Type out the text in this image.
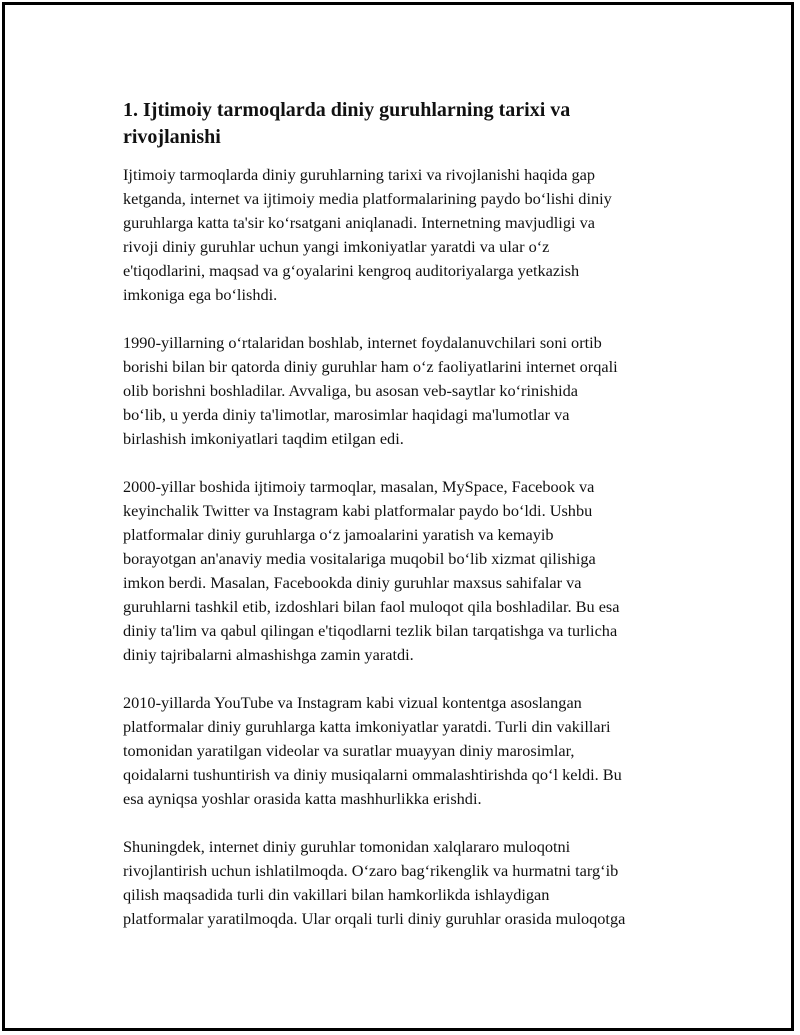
1. Ijtimoiy tarmoqlarda diniy guruhlarning tarixi va
rivojlanishi

Ijtimoiy tarmoqlarda diniy guruhlarning tarixi va rivojlanishi haqida gap
ketganda, internet va ijtimoiy media platformalarining paydo bo‘lishi diniy
guruhlarga katta ta'sir ko‘rsatgani aniqlanadi. Internetning mavjudligi va
rivoji diniy guruhlar uchun yangi imkoniyatlar yaratdi va ular o‘z
e'tiqodlarini, maqsad va g‘oyalarini kengroq auditoriyalarga yetkazish
imkoniga ega bo‘lishdi.

1990-yillarning o‘rtalaridan boshlab, internet foydalanuvchilari soni ortib
borishi bilan bir qatorda diniy guruhlar ham o‘z faoliyatlarini internet orqali
olib borishni boshladilar. Avvaliga, bu asosan veb-saytlar ko‘rinishida
bo‘lib, u yerda diniy ta'limotlar, marosimlar haqidagi ma'lumotlar va
birlashish imkoniyatlari taqdim etilgan edi.

2000-yillar boshida ijtimoiy tarmoqlar, masalan, MySpace, Facebook va
keyinchalik Twitter va Instagram kabi platformalar paydo bo‘ldi. Ushbu
platformalar diniy guruhlarga o‘z jamoalarini yaratish va kemayib
borayotgan an'anaviy media vositalariga muqobil bo‘lib xizmat qilishiga
imkon berdi. Masalan, Facebookda diniy guruhlar maxsus sahifalar va
guruhlarni tashkil etib, izdoshlari bilan faol muloqot qila boshladilar. Bu esa
diniy ta'lim va qabul qilingan e'tiqodlarni tezlik bilan tarqatishga va turlicha
diniy tajribalarni almashishga zamin yaratdi.

2010-yillarda YouTube va Instagram kabi vizual kontentga asoslangan
platformalar diniy guruhlarga katta imkoniyatlar yaratdi. Turli din vakillari
tomonidan yaratilgan videolar va suratlar muayyan diniy marosimlar,
qoidalarni tushuntirish va diniy musiqalarni ommalashtirishda qo‘l keldi. Bu
esa ayniqsa yoshlar orasida katta mashhurlikka erishdi.

Shuningdek, internet diniy guruhlar tomonidan xalqlararo muloqotni
rivojlantirish uchun ishlatilmoqda. O‘zaro bag‘rikenglik va hurmatni targ‘ib
qilish maqsadida turli din vakillari bilan hamkorlikda ishlaydigan
platformalar yaratilmoqda. Ular orqali turli diniy guruhlar orasida muloqotga
